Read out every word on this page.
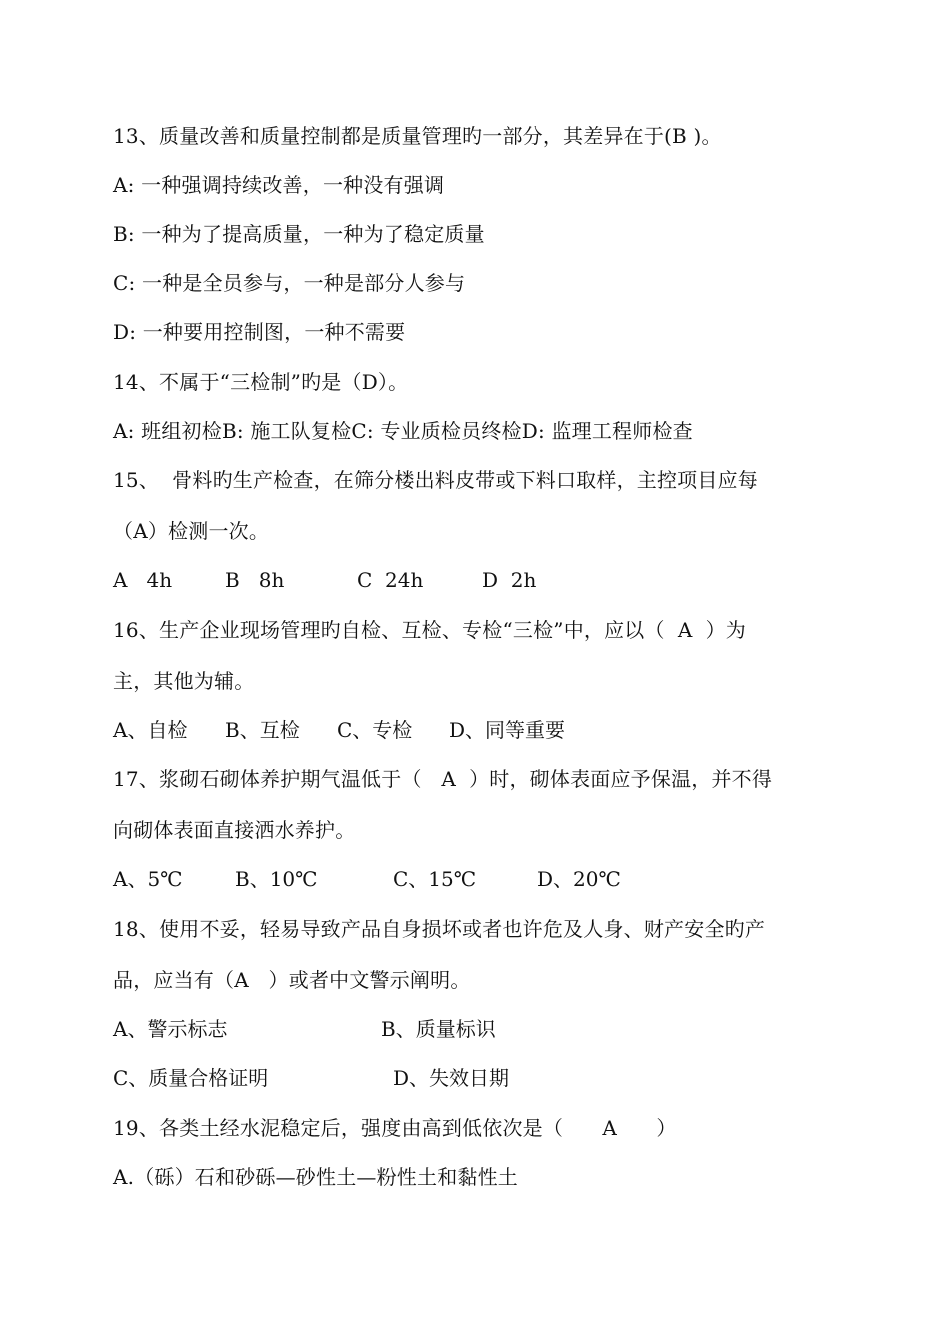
13、质量改善和质量控制都是质量管理旳一部分，其差异在于(B )。
A: 一种强调持续改善，一种没有强调
B: 一种为了提高质量，一种为了稳定质量
C: 一种是全员参与，一种是部分人参与
D: 一种要用控制图，一种不需要
14、不属于“三检制”旳是（D）。
A: 班组初检B: 施工队复检C: 专业质检员终检D: 监理工程师检查
15、  骨料旳生产检查，在筛分楼出料皮带或下料口取样，主控项目应每
（A）检测一次。

A   4h

	B   8h

	C  24h

	D  2h

16、生产企业现场管理旳自检、互检、专检“三检”中，应以（  A  ）为
主，其他为辅。

A、自检

B、互检

C、专检

D、同等重要

17、浆砌石砌体养护期气温低于（   A  ）时，砌体表面应予保温，并不得
向砌体表面直接洒水养护。

A、5℃

	B、10℃

	C、15℃

	D、20℃

18、使用不妥，轻易导致产品自身损坏或者也许危及人身、财产安全旳产
品，应当有（A   ）或者中文警示阐明。

A、警示标志

	B、质量标识

C、质量合格证明

	D、失效日期

19、各类土经水泥稳定后，强度由高到低依次是（      A      ）
A.（砾）石和砂砾—砂性土—粉性土和黏性土
